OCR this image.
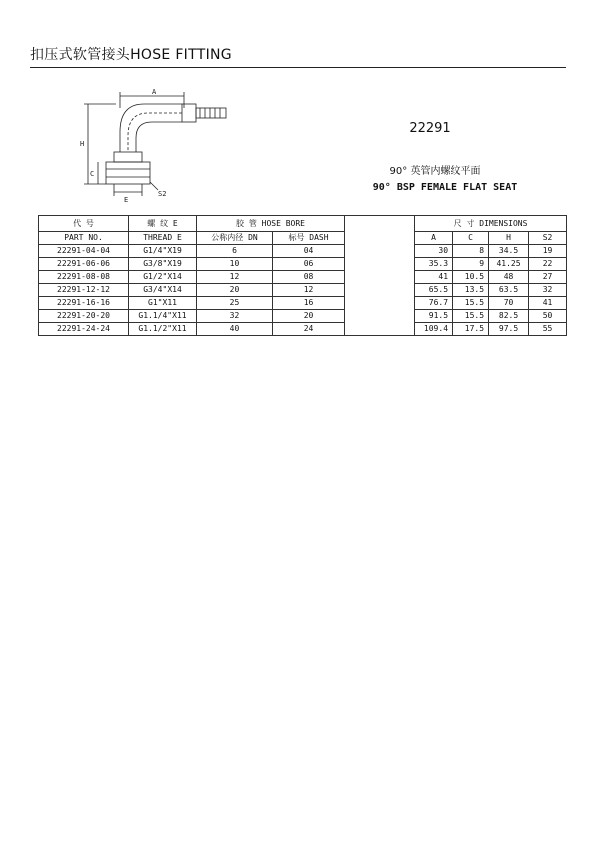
扣压式软管接头HOSE FITTING
A
H
C
E
S2
22291
90° 英管内螺纹平面
90° BSP FEMALE FLAT SEAT
代 号	螺 纹 E	胶 管 HOSE BORE			尺 寸 DIMENSIONS			
PART NO.	THREAD E	公称内径 DN	标号 DASH		A	C	H	S2
22291-04-04	G1/4"X19	6	04		30	8	34.5	19
22291-06-06	G3/8"X19	10	06		35.3	9	41.25	22
22291-08-08	G1/2"X14	12	08		41	10.5	48	27
22291-12-12	G3/4"X14	20	12		65.5	13.5	63.5	32
22291-16-16	G1"X11	25	16		76.7	15.5	70	41
22291-20-20	G1.1/4"X11	32	20		91.5	15.5	82.5	50
22291-24-24	G1.1/2"X11	40	24		109.4	17.5	97.5	55
